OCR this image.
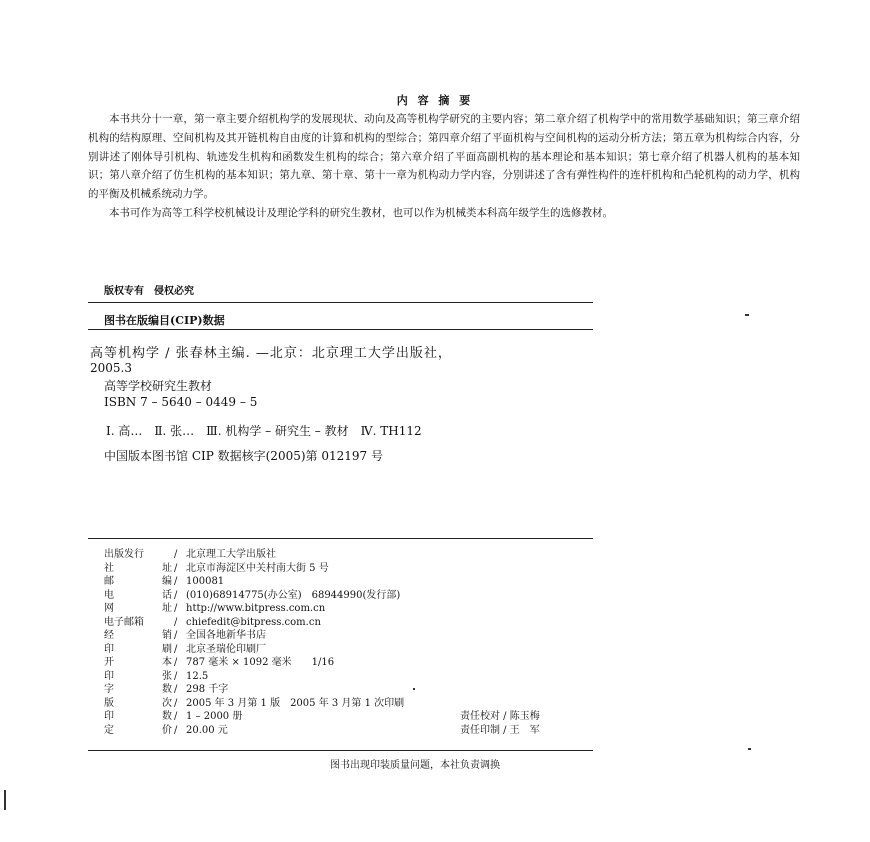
内 容 摘 要

本书共分十一章，第一章主要介绍机构学的发展现状、动向及高等机构学研究的主要内容；第二章介绍了机构学中的常用数学基础知识；第三章介绍机构的结构原理、空间机构及其开链机构自由度的计算和机构的型综合；第四章介绍了平面机构与空间机构的运动分析方法；第五章为机构综合内容，分别讲述了刚体导引机构、轨迹发生机构和函数发生机构的综合；第六章介绍了平面高副机构的基本理论和基本知识；第七章介绍了机器人机构的基本知识；第八章介绍了仿生机构的基本知识；第九章、第十章、第十一章为机构动力学内容，分别讲述了含有弹性构件的连杆机构和凸轮机构的动力学，机构的平衡及机械系统动力学。

本书可作为高等工科学校机械设计及理论学科的研究生教材，也可以作为机械类本科高年级学生的选修教材。

版权专有　侵权必究
图书在版编目(CIP)数据
高等机构学 / 张春林主编. —北京：北京理工大学出版社，
2005.3
高等学校研究生教材
ISBN 7 – 5640 – 0449 – 5
Ⅰ. 高…　Ⅱ. 张…　Ⅲ. 机构学 – 研究生 – 教材　Ⅳ. TH112
中国版本图书馆 CIP 数据核字(2005)第 012197 号
出版发行	/ 北京理工大学出版社
社	址 / 北京市海淀区中关村南大街 5 号
邮	编 / 100081
电	话 / (010)68914775(办公室)　68944990(发行部)
网	址 / http://www.bitpress.com.cn
电子邮箱	/ chiefedit@bitpress.com.cn
经	销 / 全国各地新华书店
印	刷 / 北京圣瑞伦印刷厂
开	本 / 787 毫米 × 1092 毫米　　1/16
印	张 / 12.5
字	数 / 298 千字
版	次 / 2005 年 3 月第 1 版　2005 年 3 月第 1 次印刷
印	数 / 1 – 2000 册	责任校对 / 陈玉梅
定	价 / 20.00 元	责任印制 / 王　军
图书出现印装质量问题，本社负责调换
